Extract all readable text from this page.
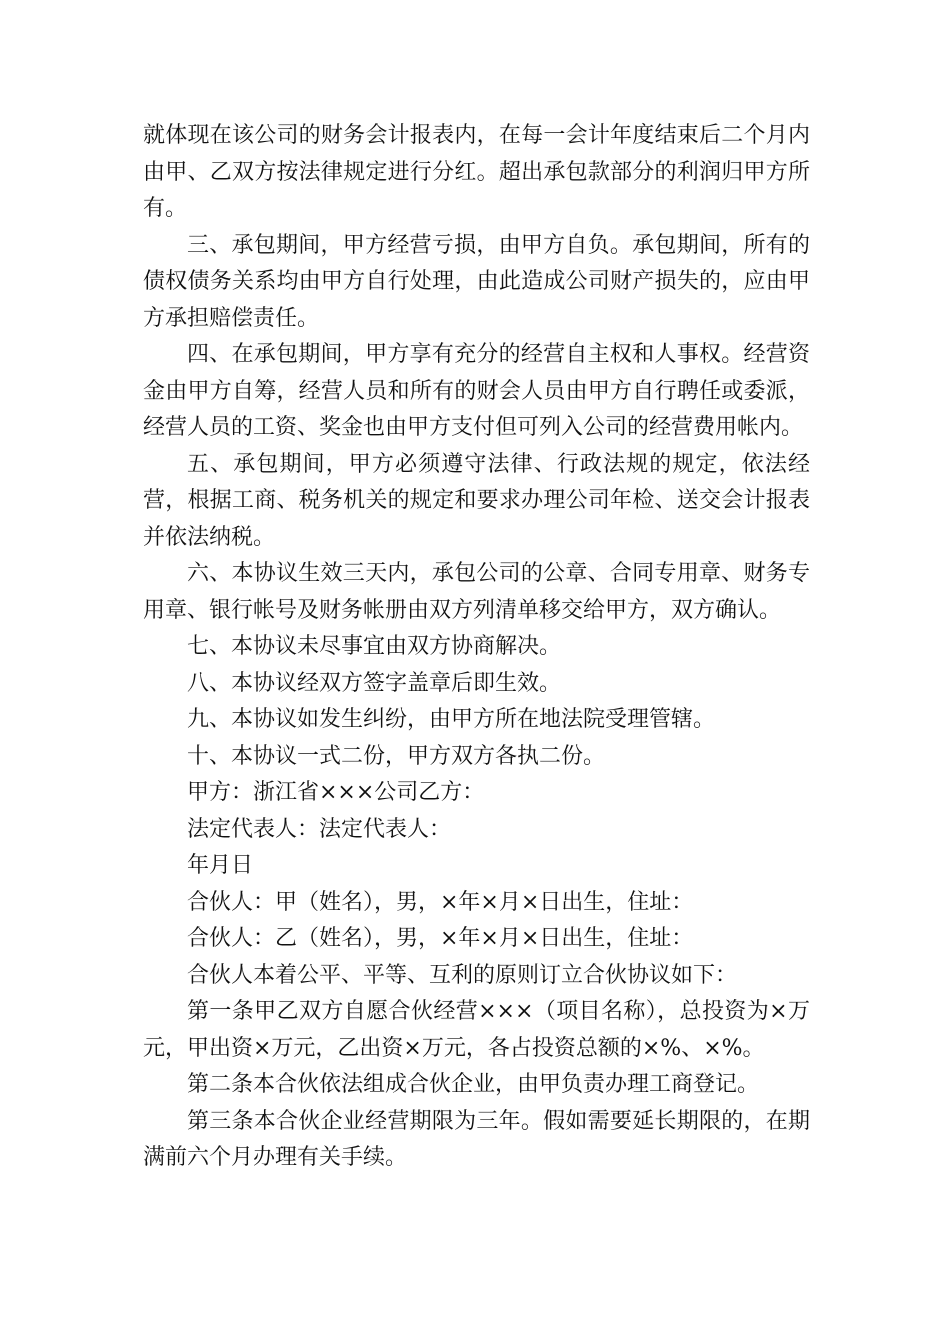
就体现在该公司的财务会计报表内，在每一会计年度结束后二个月内由甲、乙双方按法律规定进行分红。超出承包款部分的利润归甲方所有。

三、承包期间，甲方经营亏损，由甲方自负。承包期间，所有的债权债务关系均由甲方自行处理，由此造成公司财产损失的，应由甲方承担赔偿责任。

四、在承包期间，甲方享有充分的经营自主权和人事权。经营资金由甲方自筹，经营人员和所有的财会人员由甲方自行聘任或委派，经营人员的工资、奖金也由甲方支付但可列入公司的经营费用帐内。

五、承包期间，甲方必须遵守法律、行政法规的规定，依法经营，根据工商、税务机关的规定和要求办理公司年检、送交会计报表并依法纳税。

六、本协议生效三天内，承包公司的公章、合同专用章、财务专用章、银行帐号及财务帐册由双方列清单移交给甲方，双方确认。

七、本协议未尽事宜由双方协商解决。

八、本协议经双方签字盖章后即生效。

九、本协议如发生纠纷，由甲方所在地法院受理管辖。

十、本协议一式二份，甲方双方各执二份。

甲方：浙江省×××公司乙方：

法定代表人：法定代表人：

年月日

合伙人：甲（姓名），男，×年×月×日出生，住址：

合伙人：乙（姓名），男，×年×月×日出生，住址：

合伙人本着公平、平等、互利的原则订立合伙协议如下：

第一条甲乙双方自愿合伙经营×××（项目名称），总投资为×万元，甲出资×万元，乙出资×万元，各占投资总额的×%、×%。

第二条本合伙依法组成合伙企业，由甲负责办理工商登记。

第三条本合伙企业经营期限为三年。假如需要延长期限的，在期满前六个月办理有关手续。
